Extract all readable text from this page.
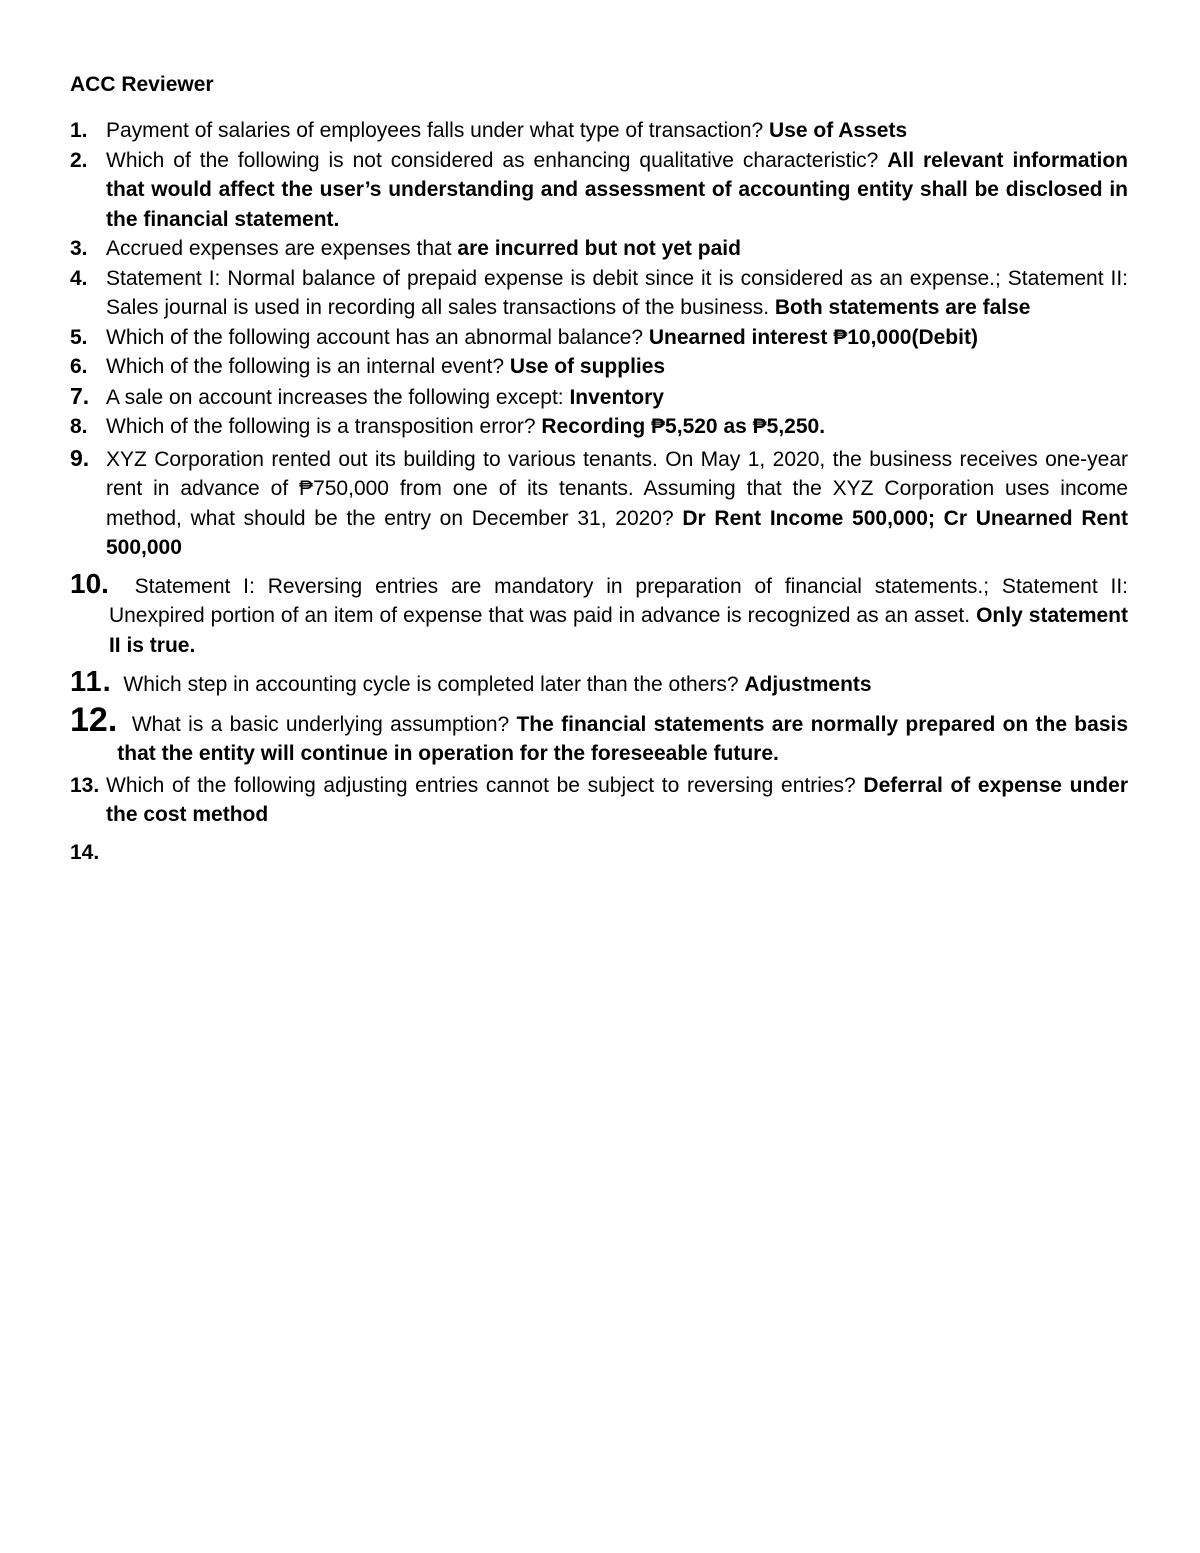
ACC Reviewer
1. Payment of salaries of employees falls under what type of transaction? Use of Assets
2. Which of the following is not considered as enhancing qualitative characteristic? All relevant information that would affect the user’s understanding and assessment of accounting entity shall be disclosed in the financial statement.
3. Accrued expenses are expenses that are incurred but not yet paid
4. Statement I: Normal balance of prepaid expense is debit since it is considered as an expense.; Statement II: Sales journal is used in recording all sales transactions of the business. Both statements are false
5. Which of the following account has an abnormal balance? Unearned interest ₱10,000(Debit)
6. Which of the following is an internal event? Use of supplies
7. A sale on account increases the following except: Inventory
8. Which of the following is a transposition error? Recording ₱5,520 as ₱5,250.
9. XYZ Corporation rented out its building to various tenants. On May 1, 2020, the business receives one-year rent in advance of ₱750,000 from one of its tenants. Assuming that the XYZ Corporation uses income method, what should be the entry on December 31, 2020? Dr Rent Income 500,000; Cr Unearned Rent 500,000
10.	Statement I: Reversing entries are mandatory in preparation of financial statements.; Statement II: Unexpired portion of an item of expense that was paid in advance is recognized as an asset. Only statement II is true.
11. Which step in accounting cycle is completed later than the others? Adjustments
12. What is a basic underlying assumption? The financial statements are normally prepared on the basis that the entity will continue in operation for the foreseeable future.
13. Which of the following adjusting entries cannot be subject to reversing entries? Deferral of expense under the cost method
14.
